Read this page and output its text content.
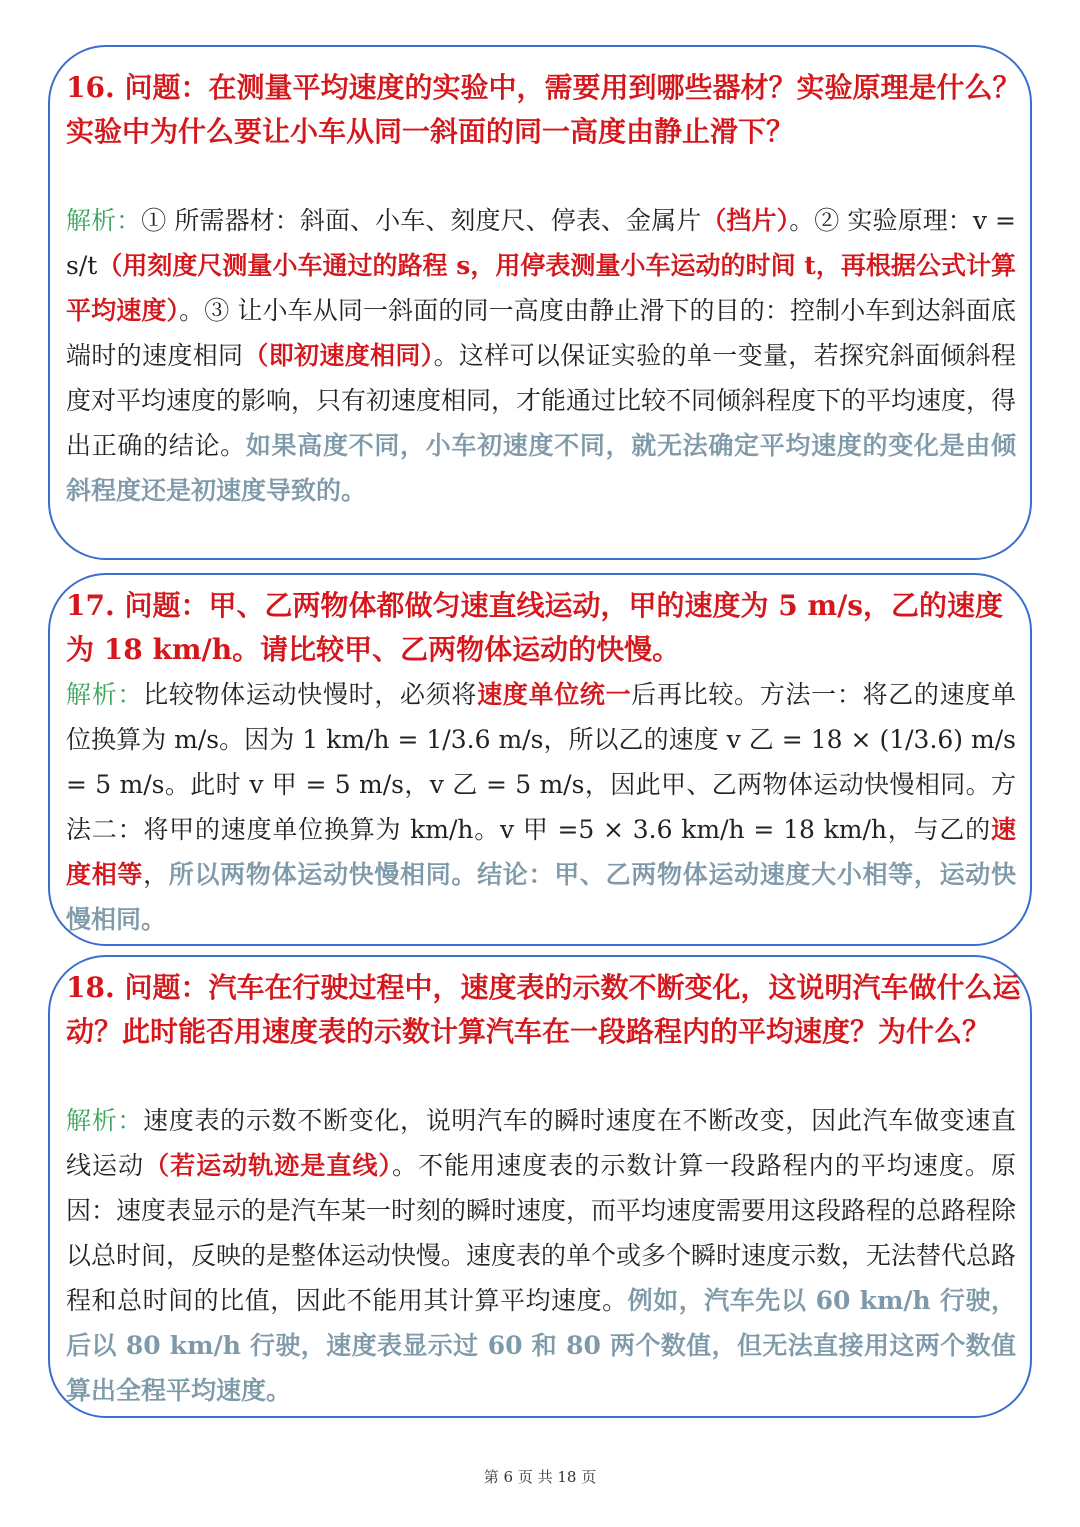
16. 问题：在测量平均速度的实验中，需要用到哪些器材？实验原理是什么？实验中为什么要让小车从同一斜面的同一高度由静止滑下？

解析：① 所需器材：斜面、小车、刻度尺、停表、金属片（挡片）。② 实验原理：v = s/t（用刻度尺测量小车通过的路程 s，用停表测量小车运动的时间 t，再根据公式计算平均速度）。③ 让小车从同一斜面的同一高度由静止滑下的目的：控制小车到达斜面底端时的速度相同（即初速度相同）。这样可以保证实验的单一变量，若探究斜面倾斜程度对平均速度的影响，只有初速度相同，才能通过比较不同倾斜程度下的平均速度，得出正确的结论。如果高度不同，小车初速度不同，就无法确定平均速度的变化是由倾斜程度还是初速度导致的。

17. 问题：甲、乙两物体都做匀速直线运动，甲的速度为 5 m/s，乙的速度为 18 km/h。请比较甲、乙两物体运动的快慢。

解析：比较物体运动快慢时，必须将速度单位统一后再比较。方法一：将乙的速度单位换算为 m/s。因为 1 km/h = 1/3.6 m/s，所以乙的速度 v 乙 = 18 × (1/3.6) m/s = 5 m/s。此时 v 甲 = 5 m/s，v 乙 = 5 m/s，因此甲、乙两物体运动快慢相同。方法二：将甲的速度单位换算为 km/h。v 甲 =5 × 3.6 km/h = 18 km/h，与乙的速度相等，所以两物体运动快慢相同。结论：甲、乙两物体运动速度大小相等，运动快慢相同。

18. 问题：汽车在行驶过程中，速度表的示数不断变化，这说明汽车做什么运动？此时能否用速度表的示数计算汽车在一段路程内的平均速度？为什么？

解析：速度表的示数不断变化，说明汽车的瞬时速度在不断改变，因此汽车做变速直线运动（若运动轨迹是直线）。不能用速度表的示数计算一段路程内的平均速度。原因：速度表显示的是汽车某一时刻的瞬时速度，而平均速度需要用这段路程的总路程除以总时间，反映的是整体运动快慢。速度表的单个或多个瞬时速度示数，无法替代总路程和总时间的比值，因此不能用其计算平均速度。例如，汽车先以 60 km/h 行驶，后以 80 km/h 行驶，速度表显示过 60 和 80 两个数值，但无法直接用这两个数值算出全程平均速度。

第 6 页 共 18 页
